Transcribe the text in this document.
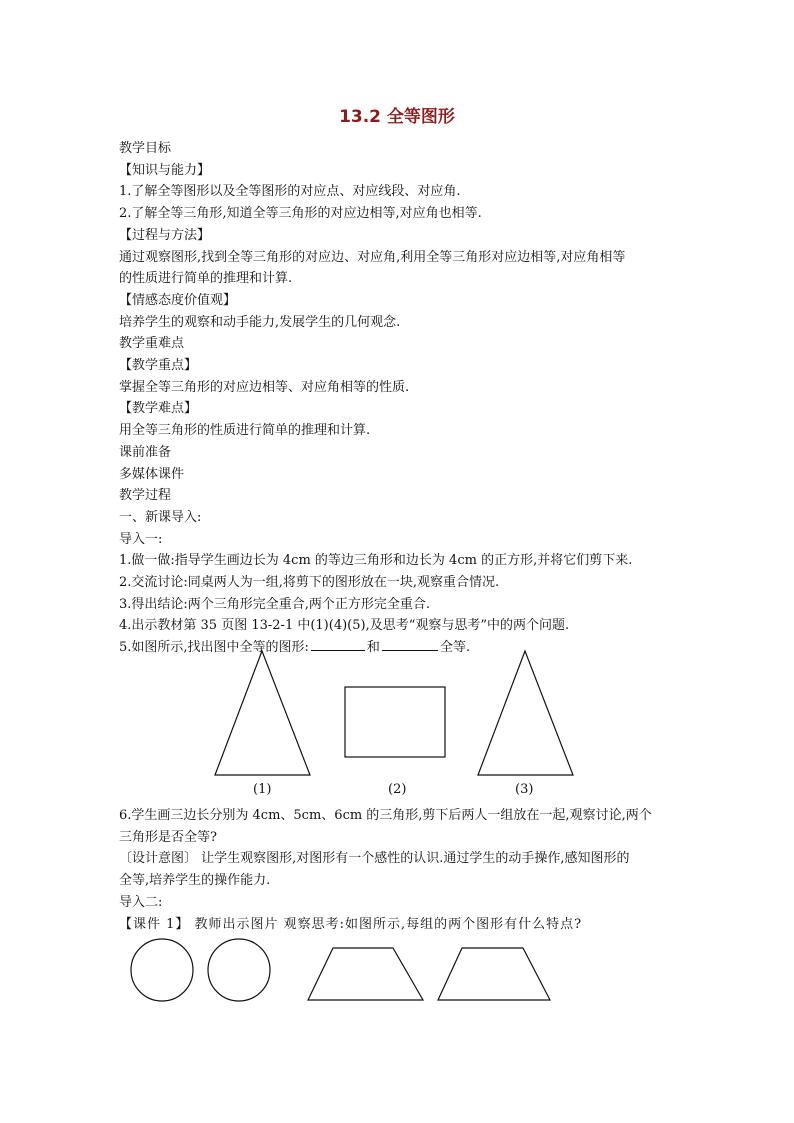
13.2 全等图形
教学目标
【知识与能力】
1.了解全等图形以及全等图形的对应点、对应线段、对应角.
2.了解全等三角形,知道全等三角形的对应边相等,对应角也相等.
【过程与方法】
通过观察图形,找到全等三角形的对应边、对应角,利用全等三角形对应边相等,对应角相等
的性质进行简单的推理和计算.
【情感态度价值观】
培养学生的观察和动手能力,发展学生的几何观念.
教学重难点
【教学重点】
掌握全等三角形的对应边相等、对应角相等的性质.
【教学难点】
用全等三角形的性质进行简单的推理和计算.
课前准备
多媒体课件
教学过程
一、新课导入:
导入一:
1.做一做:指导学生画边长为 4cm 的等边三角形和边长为 4cm 的正方形,并将它们剪下来.
2.交流讨论:同桌两人为一组,将剪下的图形放在一块,观察重合情况.
3.得出结论:两个三角形完全重合,两个正方形完全重合.
4.出示教材第 35 页图 13-2-1 中(1)(4)(5),及思考“观察与思考”中的两个问题.
5.如图所示,找出图中全等的图形:	和	全等.
(1)	(2)	(3)
6.学生画三边长分别为 4cm、5cm、6cm 的三角形,剪下后两人一组放在一起,观察讨论,两个
三角形是否全等?
〔设计意图〕 让学生观察图形,对图形有一个感性的认识.通过学生的动手操作,感知图形的
全等,培养学生的操作能力.
导入二:
【课件 1】 教师出示图片 观察思考:如图所示,每组的两个图形有什么特点?
